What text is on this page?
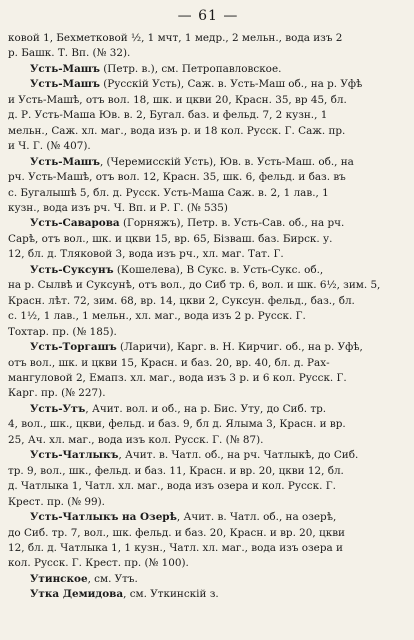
— 61 —
ковой 1, Бехметковой ½, 1 мчт, 1 медр., 2 мельн., вода изъ 2
р. Башк. Т. Вп. (№ 32).
Усть-Машъ (Петр. в.), см. Петропавловское.
Усть-Машъ (Русскій Усть), Саж. в. Усть-Маш об., на р. Уфѣ
и Усть-Машѣ, отъ вол. 18, шк. и цкви 20, Красн. 35, вр 45, бл.
д. Р. Усть-Маша Юв. в. 2, Бугал. баз. и фельд. 7, 2 кузн., 1
мельн., Саж. хл. маг., вода изъ р. и 18 кол. Русск. Г. Саж. пр.
и Ч. Г. (№ 407).
Усть-Машъ, (Черемисскій Усть), Юв. в. Усть-Маш. об., на
рч. Усть-Машѣ, отъ вол. 12, Красн. 35, шк. 6, фельд. и баз. въ
с. Бугалышѣ 5, бл. д. Русск. Усть-Маша Саж. в. 2, 1 лав., 1
кузн., вода изъ рч. Ч. Вп. и Р. Г. (№ 535)
Усть-Саварова (Горняжъ), Петр. в. Усть-Сав. об., на рч.
Сарѣ, отъ вол., шк. и цкви 15, вр. 65, Бізваш. баз. Бирск. у.
12, бл. д. Тляковой 3, вода изъ рч., хл. маг. Тат. Г.
Усть-Суксунъ (Кошелева), В Сукс. в. Усть-Сукс. об.,
на р. Сылвѣ и Суксунѣ, отъ вол., до Сиб тр. 6, вол. и шк. 6½, зим. 5,
Красн. лѣт. 72, зим. 68, вр. 14, цкви 2, Суксун. фельд., баз., бл.
с. 1½, 1 лав., 1 мельн., хл. маг., вода изъ 2 р. Русск. Г.
Тохтар. пр. (№ 185).
Усть-Торгашъ (Ларичи), Карг. в. Н. Кирчиг. об., на р. Уфѣ,
отъ вол., шк. и цкви 15, Красн. и баз. 20, вр. 40, бл. д. Рах-
мангуловой 2, Емапз. хл. маг., вода изъ 3 р. и 6 кол. Русск. Г.
Карг. пр. (№ 227).
Усть-Утъ, Ачит. вол. и об., на р. Бис. Уту, до Сиб. тр.
4, вол., шк., цкви, фельд. и баз. 9, бл д. Ялыма 3, Красн. и вр.
25, Ач. хл. маг., вода изъ кол. Русск. Г. (№ 87).
Усть-Чатлыкъ, Ачит. в. Чатл. об., на рч. Чатлыкѣ, до Сиб.
тр. 9, вол., шк., фельд. и баз. 11, Красн. и вр. 20, цкви 12, бл.
д. Чатлыка 1, Чатл. хл. маг., вода изъ озера и кол. Русск. Г.
Крест. пр. (№ 99).
Усть-Чатлыкъ на Озерѣ, Ачит. в. Чатл. об., на озерѣ,
до Сиб. тр. 7, вол., шк. фельд. и баз. 20, Красн. и вр. 20, цкви
12, бл. д. Чатлыка 1, 1 кузн., Чатл. хл. маг., вода изъ озера и
кол. Русск. Г. Крест. пр. (№ 100).
Утинское, см. Утъ.
Утка Демидова, см. Уткинскій з.
